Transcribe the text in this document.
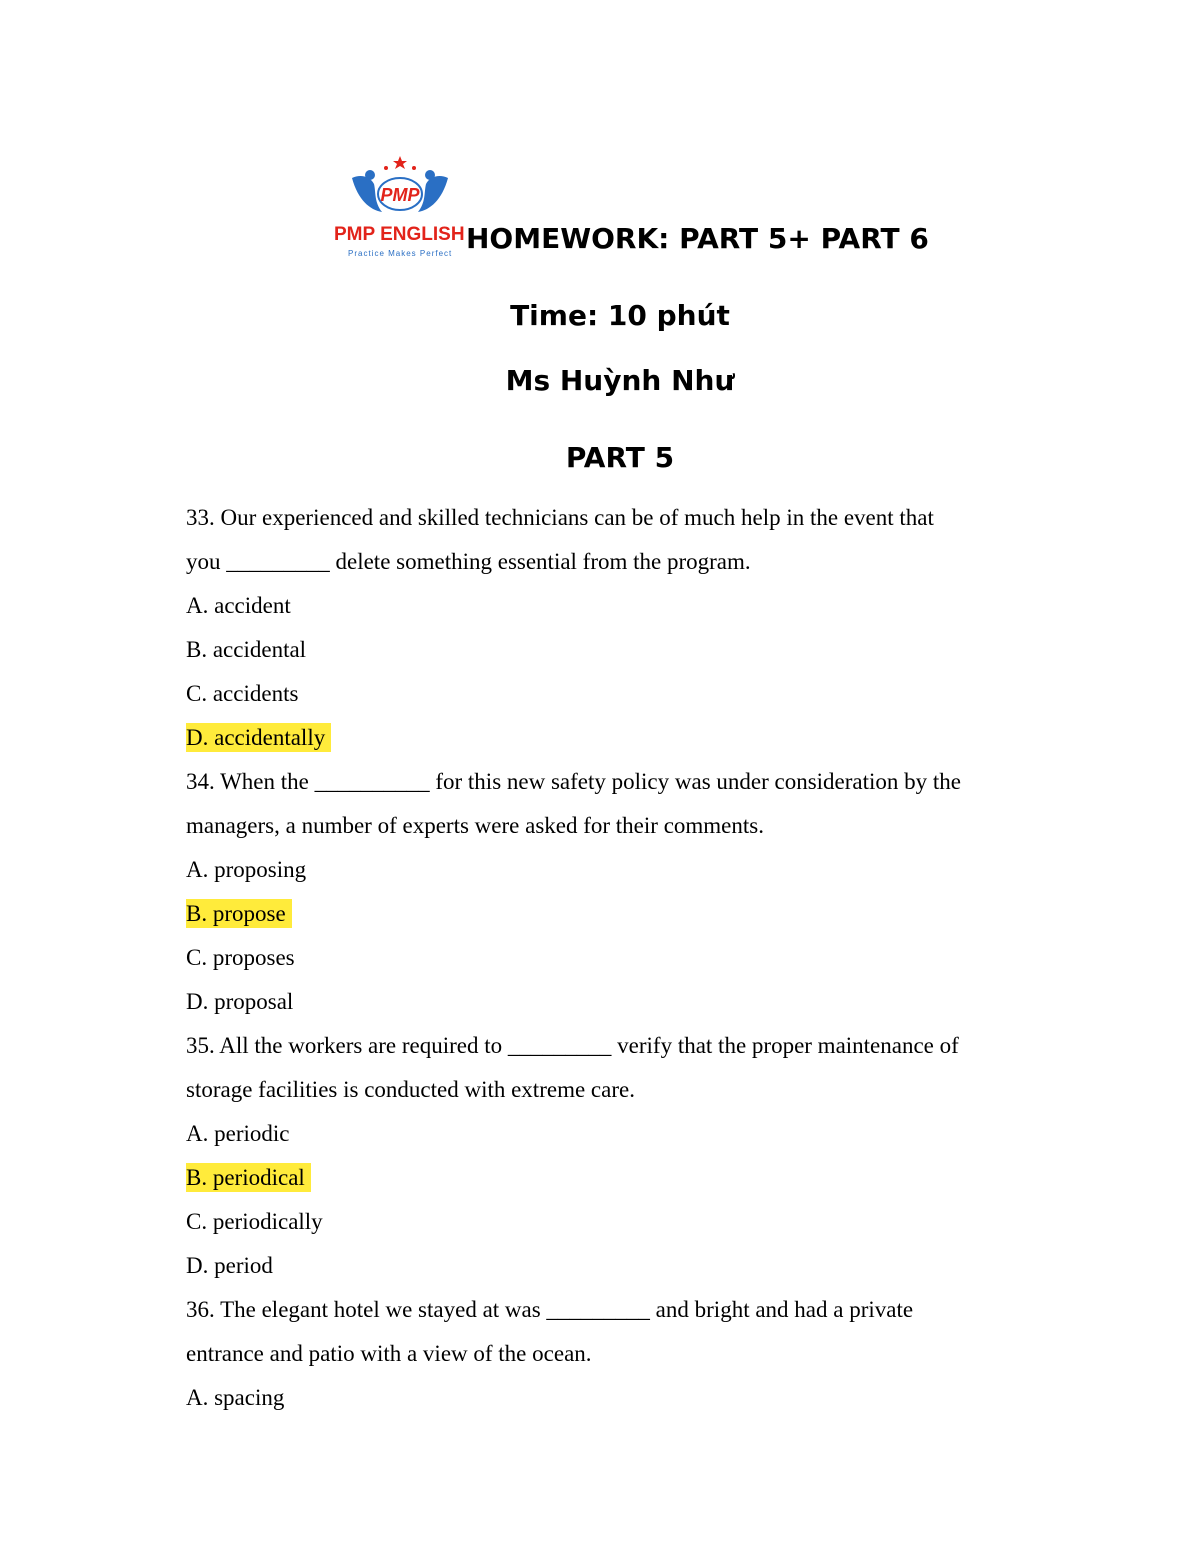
PMP
PMP ENGLISH
Practice Makes Perfect HOMEWORK: PART 5+ PART 6
Time: 10 phút
Ms Huỳnh Như
PART 5
33. Our experienced and skilled technicians can be of much help in the event that
you _________ delete something essential from the program.
A. accident
B. accidental
C. accidents
D. accidentally
34. When the __________ for this new safety policy was under consideration by the
managers, a number of experts were asked for their comments.
A. proposing
B. propose
C. proposes
D. proposal
35. All the workers are required to _________ verify that the proper maintenance of
storage facilities is conducted with extreme care.
A. periodic
B. periodical
C. periodically
D. period
36. The elegant hotel we stayed at was _________ and bright and had a private
entrance and patio with a view of the ocean.
A. spacing
